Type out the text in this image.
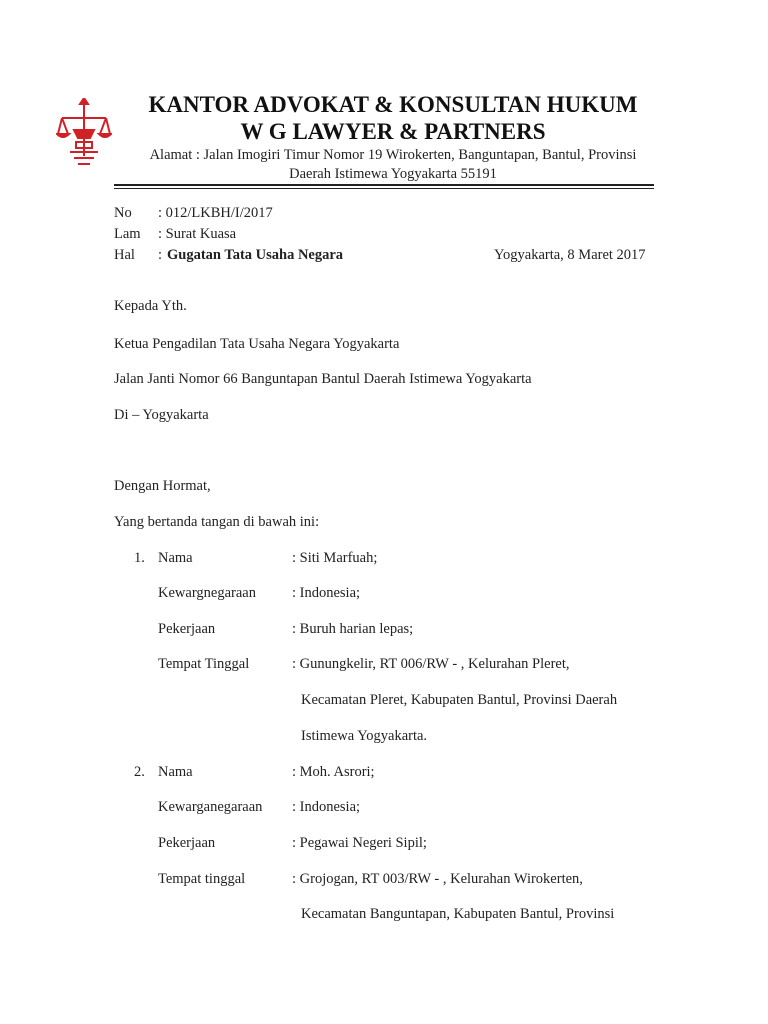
KANTOR ADVOKAT & KONSULTAN HUKUM
W G LAWYER & PARTNERS
Alamat : Jalan Imogiri Timur Nomor 19 Wirokerten, Banguntapan, Bantul, Provinsi
Daerah Istimewa Yogyakarta 55191
No : 012/LKBH/I/2017
Lam : Surat Kuasa
Hal : Gugatan Tata Usaha Negara	Yogyakarta, 8 Maret 2017
Kepada Yth.
Ketua Pengadilan Tata Usaha Negara Yogyakarta
Jalan Janti Nomor 66 Banguntapan Bantul Daerah Istimewa Yogyakarta
Di – Yogyakarta
Dengan Hormat,
Yang bertanda tangan di bawah ini:
1. Nama	: Siti Marfuah;
Kewargnegaraan : Indonesia;
Pekerjaan	: Buruh harian lepas;
Tempat Tinggal	: Gunungkelir, RT 006/RW - , Kelurahan Pleret,
Kecamatan Pleret, Kabupaten Bantul, Provinsi Daerah
Istimewa Yogyakarta.
2. Nama	: Moh. Asrori;
Kewarganegaraan : Indonesia;
Pekerjaan	: Pegawai Negeri Sipil;
Tempat tinggal	: Grojogan, RT 003/RW - , Kelurahan Wirokerten,
Kecamatan Banguntapan, Kabupaten Bantul, Provinsi
